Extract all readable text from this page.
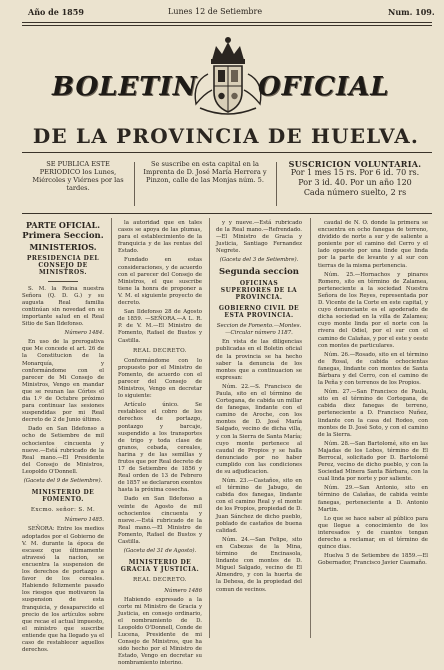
Año de 1859	Lunes 12 de Setiembre	Num. 109.
BOLETIN OFICIAL
DE LA PROVINCIA DE HUELVA.
SE PUBLICA ESTE PERIODICO los Lunes, Miércoles y Viérnes por las tardes.
Se suscribe en esta capital en la Imprenta de D. José María Herrera y Pinzon, calle de las Monjas núm. 5.
SUSCRICION VOLUNTARIA.
Por 1 mes 15 rs. Por 6 id. 70 rs.
Por 3 id. 40. Por un año 120
Cada número suelto, 2 rs
PARTE OFICIAL.
Primera Seccion.
MINISTERIOS.
PRESIDENCIA DEL CONSEJO DE MINISTROS.
S. M. la Reina nuestra Señora (Q. D. G.) y su augusta Real familia continúan sin novedad en su importante salud en el Real Sitio de San Ildefonso.
Número 1484.
En uso de la prerogativa que Me concede el art. 26 de la Constitucion de la Monarquía, y conformándome con el parecer de Mi Consejo de Ministros, Vengo en mandar que se reunan las Córtes el dia 1.º de Octubre próximo para continuar las sesiones suspendidas por mi Real decreto de 2 de Junio último.
Dado en San Ildefonso a ocho de Setiembre de mil ochocientos cincuenta y nueve.—Está rubricado de la Real mano.—El Presidente del Consejo de Ministros, Leopoldo O'Donnell.
(Gaceta del 9 de Setiembre).
MINISTERIO DE FOMENTO.
Excmo. señor: S. M.
Número 1485.
SEÑORA: Entre los medios adoptados por el Gobierno de V. M. durante la época de escasez que últimamente atravesó la nacion, se encuentra la suspension de los derechos de portazgo a favor de los cereales. Habiendo felizmente pasado los riesgos que motivaron la suspension de esta franquicia, y desaparecido el precio de los artículos sobre que recae el actual impuesto, el ministro que suscribe entiende que ha llegado ya el caso de restablecer aquellos derechos.
la autoridad que en tales casos se apoya de las plumas, para el establecimiento de la franquicia y de las rentas del Estado.
Fundado en estas consideraciones, y de acuerdo con el parecer del Consejo de Ministros, el que suscribe tiene la honra de proponer a V. M. el siguiente proyecto de decreto.
San Ildefonso 28 de Agosto de 1859. —SEÑORA.—A L. R. P. de V. M.—El Ministro de Fomento, Rafael de Bustos y Castilla.
REAL DECRETO.
Conformándome con lo propuesto por el Ministro de Fomento, de acuerdo con el parecer del Consejo de Ministros, Vengo en decretar lo siguiente:
Artículo único. Se restablece el cobro de los derechos de portazgo, pontazgo y barcaje, suspendido a los transportes de trigo y toda clase de granos, cebada, cereales, harina y de las semillas y frutos que por Real decreto de 17 de Setiembre de 1856 y Real orden de 13 de Febrero de 1857 se declararon exentos hasta la próxima cosecha.
Dado en San Ildefonso a veinte de Agosto de mil ochocientos cincuenta y nueve.—Está rubricado de la Real mano.—El Ministro de Fomento, Rafael de Bustos y Castilla.
(Gaceta del 31 de Agosto).
MINISTERIO DE GRACIA Y JUSTICIA.
REAL DECRETO.
Número 1486
Habiendo expresado a la corte mi Ministro de Gracia y Justicia, en consejo ordinario, el nombramiento de D. Leopoldo O'Donnell, Conde de Lucena, Presidente de mi Consejo de Ministros, que ha sido hecho por el Ministro de Estado, Vengo en decretar su nombramiento interino.
y y nueve.—Está rubricado de la Real mano.—Refrendado.—El Ministro de Gracia y Justicia, Santiago Fernandez Negrete.
(Gaceta del 3 de Setiembre).
Segunda seccion
OFICINAS SUPERIORES DE LA PROVINCIA.
GOBIERNO CIVIL DE ESTA PROVINCIA.
Seccion de Fomento.—Montes.—Circular número 1187.
En vista de las diligencias publicadas en el Boletin oficial de la provincia se ha hecho saber la denuncia de los montes que a continuacion se expresan:
Núm. 22.—S. Francisco de Paula, sito en el término de Cortegana, de cabida un millar de fanegas, lindante con el camino de Aroche, con los montes de D. José María Salgado, vecino de dicha villa, y con la Sierra de Santa María; cuyo monte pertenece al caudal de Propios y se halla denunciado por no haber cumplido con las condiciones de su adjudicacion.
Núm. 23.—Castaños, sito en el término de Jabugo, de cabida dos fanegas, lindante con el camino Real y el monte de los Propios, propiedad de D. Juan Sánchez de dicho pueblo, poblado de castaños de buena calidad.
Núm. 24.—San Felipe, sito en Cabezas de la Mina, término de Encinasola, lindante con montes de D. Miguel Salgado, vecino de El Almendro, y con la huerta de la Dehesa, de la propiedad del comun de vecinos.
caudal de N. O. donde la primera se encuentra en ocho fanegas de terreno, dividido de norte a sur y de saliente a poniente por el camino del Cerro y el lado opuesto por una linde que linda por la parte de levante y al sur con tierras de la misma pertenencia.
Núm. 25.—Hornachos y pinares Romero, sito en término de Zalamea, perteneciente a la sociedad Nuestra Señora de los Reyes, representada por D. Vicente de la Corte en este capital, y cuyo denunciante es el apoderado de dicha sociedad en la villa de Zalamea; cuyo monte linda por el norte con la rivera del Odiel, por el sur con el camino de Calañas, y por el este y oeste con montes de particulares.
Núm. 26.—Rosado, sito en el término de Rosal, de cabida ochocientas fanegas, lindante con montes de Santa Bárbara y del Cerro, con el camino de la Peña y con terrenos de los Propios.
Núm. 27.—San Francisco de Paula, sito en el término de Cortegana, de cabida diez fanegas de terreno, perteneciente a D. Francisco Nuñez, lindante con la casa del Rodeo, con montes de D. José Soto, y con el camino de la Sierra.
Núm. 28.—San Bartolomé, sito en las Majadas de los Lobos, término de El Berrocal, solicitado por D. Bartolomé Perez, vecino de dicho pueblo, y con la Sociedad Minera Santa Bárbara, con la cual linda por norte y por saliente.
Núm. 29.—San Antonio, sito en término de Calañas, de cabida veinte fanegas, perteneciente a D. Antonio Martin.
Lo que se hace saber al público para que llegue a conocimiento de los interesados y de cuantos tengan derecho a reclamar, en el término de quince dias.
Huelva 5 de Setiembre de 1859.—El Gobernador, Francisco Javier Caamaño.
